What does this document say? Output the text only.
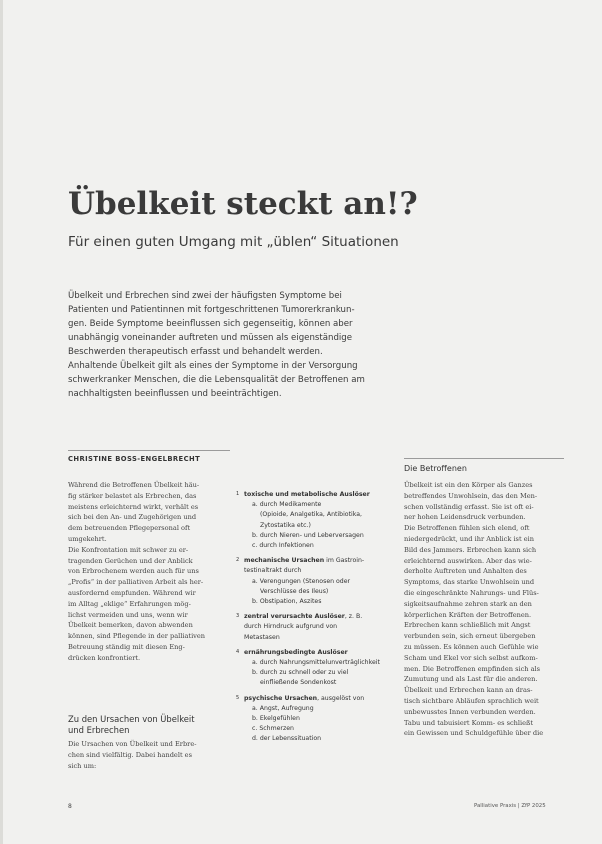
Übelkeit steckt an!?
Für einen guten Umgang mit „üblen“ Situationen
Übelkeit und Erbrechen sind zwei der häufigsten Symptome bei
Patienten und Patientinnen mit fortgeschrittenen Tumorerkrankun-
gen. Beide Symptome beeinflussen sich gegenseitig, können aber
unabhängig voneinander auftreten und müssen als eigenständige
Beschwerden therapeutisch erfasst und behandelt werden.
Anhaltende Übelkeit gilt als eines der Symptome in der Versorgung
schwerkranker Menschen, die die Lebensqualität der Betroffenen am
nachhaltigsten beeinflussen und beeinträchtigen.
CHRISTINE BOSS-ENGELBRECHT
Während die Betroffenen Übelkeit häu-
fig stärker belastet als Erbrechen, das
meistens erleichternd wirkt, verhält es
sich bei den An- und Zugehörigen und
dem betreuenden Pflegepersonal oft
umgekehrt.
Die Konfrontation mit schwer zu er-
tragenden Gerüchen und der Anblick
von Erbrochenem werden auch für uns
„Profis“ in der palliativen Arbeit als her-
ausfordernd empfunden. Während wir
im Alltag „eklige“ Erfahrungen mög-
lichst vermeiden und uns, wenn wir
Übelkeit bemerken, davon abwenden
können, sind Pflegende in der palliativen
Betreuung ständig mit diesen Eng-
drücken konfrontiert.
Zu den Ursachen von Übelkeit
und Erbrechen
Die Ursachen von Übelkeit und Erbre-
chen sind vielfältig. Dabei handelt es
sich um:
1 toxische und metabolische Auslöser
a. durch Medikamente
(Opioide, Analgetika, Antibiotika,
Zytostatika etc.)
b. durch Nieren- und Leberversagen
c. durch Infektionen
2 mechanische Ursachen im Gastroin-
testinaltrakt durch
a. Verengungen (Stenosen oder
Verschlüsse des Ileus)
b. Obstipation, Aszites
3 zentral verursachte Auslöser, z. B.
durch Hirndruck aufgrund von
Metastasen
4 ernährungsbedingte Auslöser
a. durch Nahrungsmittelunverträglichkeit
b. durch zu schnell oder zu viel
einfließende Sondenkost
5 psychische Ursachen, ausgelöst von
a. Angst, Aufregung
b. Ekelgefühlen
c. Schmerzen
d. der Lebenssituation
Die Betroffenen
Übelkeit ist ein den Körper als Ganzes
betreffendes Unwohlsein, das den Men-
schen vollständig erfasst. Sie ist oft ei-
ner hohen Leidensdruck verbunden.
Die Betroffenen fühlen sich elend, oft
niedergedrückt, und ihr Anblick ist ein
Bild des Jammers. Erbrechen kann sich
erleichternd auswirken. Aber das wie-
derholte Auftreten und Anhalten des
Symptoms, das starke Unwohlsein und
die eingeschränkte Nahrungs- und Flüs-
sigkeitsaufnahme zehren stark an den
körperlichen Kräften der Betroffenen.
Erbrechen kann schließlich mit Angst
verbunden sein, sich erneut übergeben
zu müssen. Es können auch Gefühle wie
Scham und Ekel vor sich selbst aufkom-
men. Die Betroffenen empfinden sich als
Zumutung und als Last für die anderen.
Übelkeit und Erbrechen kann an dras-
tisch sichtbare Abläufen sprachlich weit
unbewusstes Innen verbunden werden.
Tabu und tabuisiert Komm- es schließt
ein Gewissen und Schuldgefühle über die
8	Palliative Praxis | ZfP 2025
